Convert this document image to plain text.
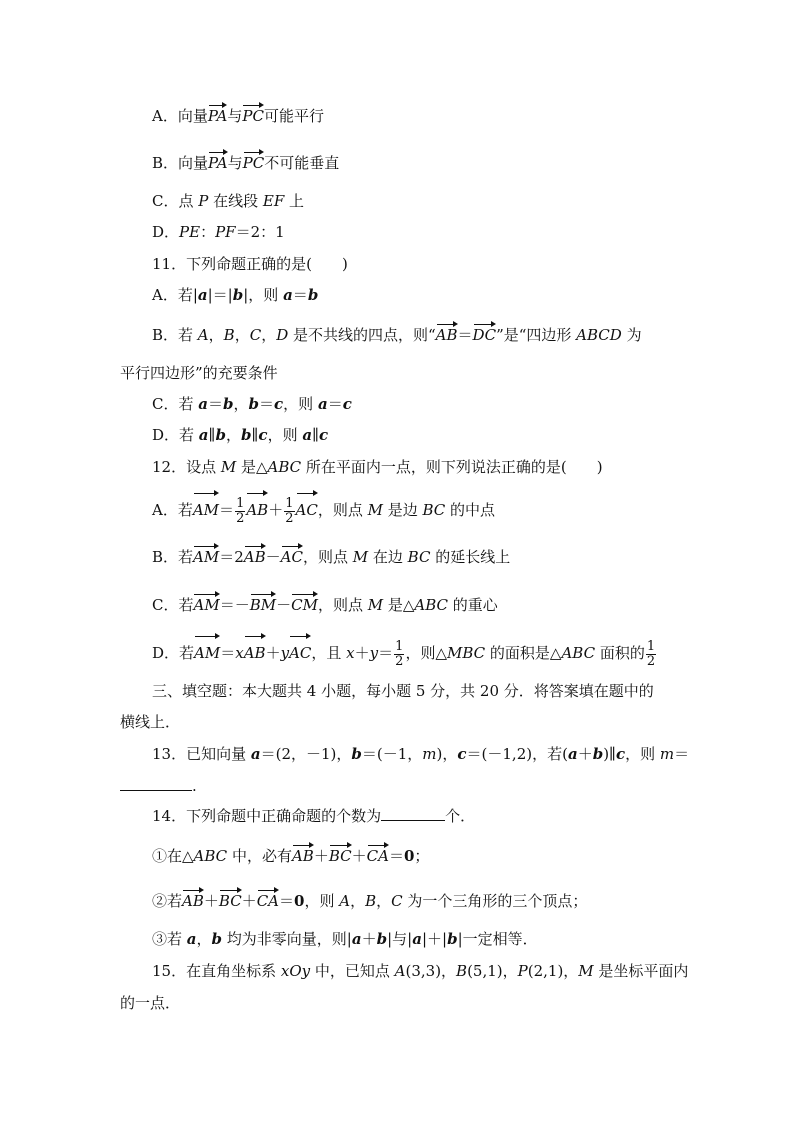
A．向量PA与PC可能平行
B．向量PA与PC不可能垂直
C．点 P 在线段 EF 上
D．PE：PF＝2：1
11．下列命题正确的是(　　)
A．若|a|＝|b|，则 a＝b
B．若 A，B，C，D 是不共线的四点，则“AB＝DC”是“四边形 ABCD 为
平行四边形”的充要条件
C．若 a＝b，b＝c，则 a＝c
D．若 a∥b，b∥c，则 a∥c
12．设点 M 是△ABC 所在平面内一点，则下列说法正确的是(　　)
A．若$AM= \frac{1}{2} AB+ \frac{1}{2}$ AC，则点 M 是边 BC 的中点
B．若AM＝2AB－AC，则点 M 在边 BC 的延长线上
C．若AM＝－BM－CM，则点 M 是△ABC 的重心
D．若AM＝xAB＋yAC，且 $x+y= \frac{1}{2}$ ，则△MBC 的面积是△ABC 面积的 $\frac{1}{2}$
三、填空题：本大题共 4 小题，每小题 5 分，共 20 分．将答案填在题中的
横线上．
13．已知向量 a＝(2，－1)，b＝(－1，m)，c＝(－1,2)，若(a＋b)∥c，则 m＝
.
14．下列命题中正确命题的个数为	个．
①在△ABC 中，必有AB＋BC＋CA＝0；
②若AB＋BC＋CA＝0，则 A，B，C 为一个三角形的三个顶点；
③若 a，b 均为非零向量，则|a＋b|与|a|＋|b|一定相等．
15．在直角坐标系 xOy 中，已知点 A(3,3)，B(5,1)，P(2,1)，M 是坐标平面内
的一点．
